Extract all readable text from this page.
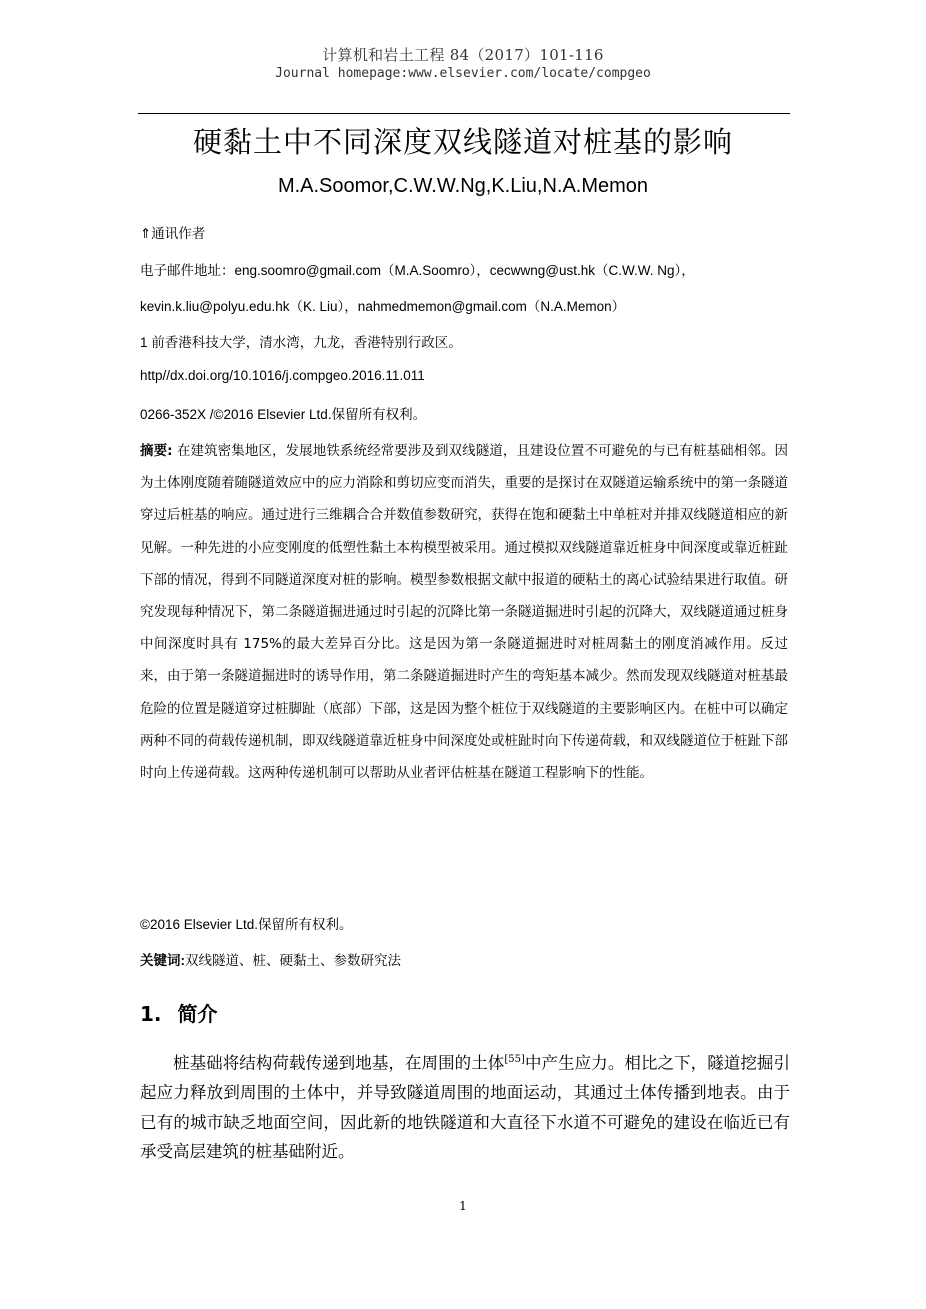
计算机和岩土工程 84（2017）101-116
Journal homepage:www.elsevier.com/locate/compgeo
硬黏土中不同深度双线隧道对桩基的影响
M.A.Soomor,C.W.W.Ng,K.Liu,N.A.Memon
⇑通讯作者
电子邮件地址：eng.soomro@gmail.com（M.A.Soomro），cecwwng@ust.hk（C.W.W. Ng），
kevin.k.liu@polyu.edu.hk（K. Liu），nahmedmemon@gmail.com（N.A.Memon）
1 前香港科技大学，清水湾，九龙，香港特别行政区。
http//dx.doi.org/10.1016/j.compgeo.2016.11.011
0266-352X /©2016 Elsevier Ltd.保留所有权利。
摘要: 在建筑密集地区，发展地铁系统经常要涉及到双线隧道，且建设位置不可避免的与已有桩基础相邻。因为土体刚度随着随隧道效应中的应力消除和剪切应变而消失，重要的是探讨在双隧道运输系统中的第一条隧道穿过后桩基的响应。通过进行三维耦合合并数值参数研究，获得在饱和硬黏土中单桩对并排双线隧道相应的新见解。一种先进的小应变刚度的低塑性黏土本构模型被采用。通过模拟双线隧道靠近桩身中间深度或靠近桩趾下部的情况，得到不同隧道深度对桩的影响。模型参数根据文献中报道的硬粘土的离心试验结果进行取值。研究发现每种情况下，第二条隧道掘进通过时引起的沉降比第一条隧道掘进时引起的沉降大，双线隧道通过桩身中间深度时具有 175%的最大差异百分比。这是因为第一条隧道掘进时对桩周黏土的刚度消减作用。反过来，由于第一条隧道掘进时的诱导作用，第二条隧道掘进时产生的弯矩基本减少。然而发现双线隧道对桩基最危险的位置是隧道穿过桩脚趾（底部）下部，这是因为整个桩位于双线隧道的主要影响区内。在桩中可以确定两种不同的荷载传递机制，即双线隧道靠近桩身中间深度处或桩趾时向下传递荷载，和双线隧道位于桩趾下部时向上传递荷载。这两种传递机制可以帮助从业者评估桩基在隧道工程影响下的性能。
©2016 Elsevier Ltd.保留所有权利。
关键词:双线隧道、桩、硬黏土、参数研究法
1. 简介
桩基础将结构荷载传递到地基，在周围的土体[55]中产生应力。相比之下，隧道挖掘引起应力释放到周围的土体中，并导致隧道周围的地面运动，其通过土体传播到地表。由于已有的城市缺乏地面空间，因此新的地铁隧道和大直径下水道不可避免的建设在临近已有承受高层建筑的桩基础附近。
1
